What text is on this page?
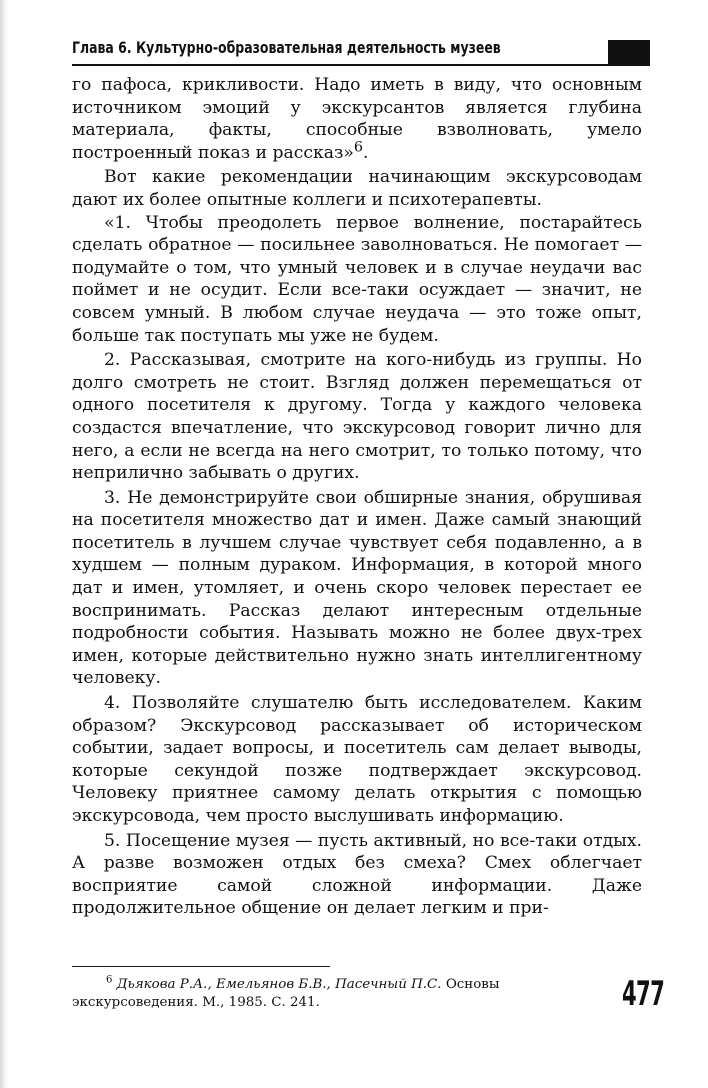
Глава 6. Культурно-образовательная деятельность музеев

го пафоса, крикливости. Надо иметь в виду, что основным источником эмоций у экскурсантов является глубина материала, факты, способные взволновать, умело построенный показ и рассказ»$^6$.

Вот какие рекомендации начинающим экскурсоводам дают их более опытные коллеги и психотерапевты.

«1. Чтобы преодолеть первое волнение, постарайтесь сделать обратное — посильнее заволноваться. Не помогает — подумайте о том, что умный человек и в случае неудачи вас поймет и не осудит. Если все-таки осуждает — значит, не совсем умный. В любом случае неудача — это тоже опыт, больше так поступать мы уже не будем.

2. Рассказывая, смотрите на кого-нибудь из группы. Но долго смотреть не стоит. Взгляд должен перемещаться от одного посетителя к другому. Тогда у каждого человека создастся впечатление, что экскурсовод говорит лично для него, а если не всегда на него смотрит, то только потому, что неприлично забывать о других.

3. Не демонстрируйте свои обширные знания, обрушивая на посетителя множество дат и имен. Даже самый знающий посетитель в лучшем случае чувствует себя подавленно, а в худшем — полным дураком. Информация, в которой много дат и имен, утомляет, и очень скоро человек перестает ее воспринимать. Рассказ делают интересным отдельные подробности события. Называть можно не более двух-трех имен, которые действительно нужно знать интеллигентному человеку.

4. Позволяйте слушателю быть исследователем. Каким образом? Экскурсовод рассказывает об историческом событии, задает вопросы, и посетитель сам делает выводы, которые секундой позже подтверждает экскурсовод. Человеку приятнее самому делать открытия с помощью экскурсовода, чем просто выслушивать информацию.

5. Посещение музея — пусть активный, но все-таки отдых. А разве возможен отдых без смеха? Смех облегчает восприятие самой сложной информации. Даже продолжительное общение он делает легким и при-

$^6$ Дьякова Р.А., Емельянов Б.В., Пасечный П.С. Основы экскурсоведения. М., 1985. С. 241.	477
